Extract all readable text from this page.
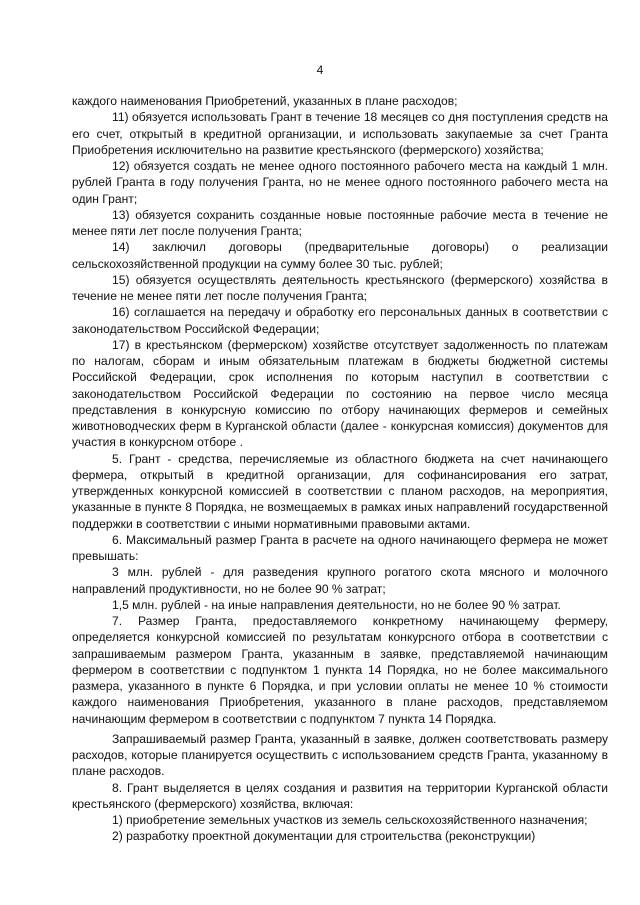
4

каждого наименования Приобретений, указанных в плане расходов;

11) обязуется использовать Грант в течение 18 месяцев со дня поступления средств на его счет, открытый в кредитной организации, и использовать закупаемые за счет Гранта Приобретения исключительно на развитие крестьянского (фермерского) хозяйства;

12) обязуется создать не менее одного постоянного рабочего места на каждый 1 млн. рублей Гранта в году получения Гранта, но не менее одного постоянного рабочего места на один Грант;

13) обязуется сохранить созданные новые постоянные рабочие места в течение не менее пяти лет после получения Гранта;

14) заключил договоры (предварительные договоры) о реализации сельскохозяйственной продукции на сумму более 30 тыс. рублей;

15) обязуется осуществлять деятельность крестьянского (фермерского) хозяйства в течение не менее пяти лет после получения Гранта;

16) соглашается на передачу и обработку его персональных данных в соответствии с законодательством Российской Федерации;

17) в крестьянском (фермерском) хозяйстве отсутствует задолженность по платежам по налогам, сборам и иным обязательным платежам в бюджеты бюджетной системы Российской Федерации, срок исполнения по которым наступил в соответствии с законодательством Российской Федерации по состоянию на первое число месяца представления в конкурсную комиссию по отбору начинающих фермеров и семейных животноводческих ферм в Курганской области (далее - конкурсная комиссия) документов для участия в конкурсном отборе .

5. Грант - средства, перечисляемые из областного бюджета на счет начинающего фермера, открытый в кредитной организации, для софинансирования его затрат, утвержденных конкурсной комиссией в соответствии с планом расходов, на мероприятия, указанные в пункте 8 Порядка, не возмещаемых в рамках иных направлений государственной поддержки в соответствии с иными нормативными правовыми актами.

6. Максимальный размер Гранта в расчете на одного начинающего фермера не может превышать:

3 млн. рублей - для разведения крупного рогатого скота мясного и молочного направлений продуктивности, но не более 90 % затрат;

1,5 млн. рублей - на иные направления деятельности, но не более 90 % затрат.

7. Размер Гранта, предоставляемого конкретному начинающему фермеру, определяется конкурсной комиссией по результатам конкурсного отбора в соответствии с запрашиваемым размером Гранта, указанным в заявке, представляемой начинающим фермером в соответствии с подпунктом 1 пункта 14 Порядка, но не более максимального размера, указанного в пункте 6 Порядка, и при условии оплаты не менее 10 % стоимости каждого наименования Приобретения, указанного в плане расходов, представляемом начинающим фермером в соответствии с подпунктом 7 пункта 14 Порядка.

Запрашиваемый размер Гранта, указанный в заявке, должен соответствовать размеру расходов, которые планируется осуществить с использованием средств Гранта, указанному в плане расходов.

8. Грант выделяется в целях создания и развития на территории Курганской области крестьянского (фермерского) хозяйства, включая:

1) приобретение земельных участков из земель сельскохозяйственного назначения;

2) разработку проектной документации для строительства (реконструкции)
